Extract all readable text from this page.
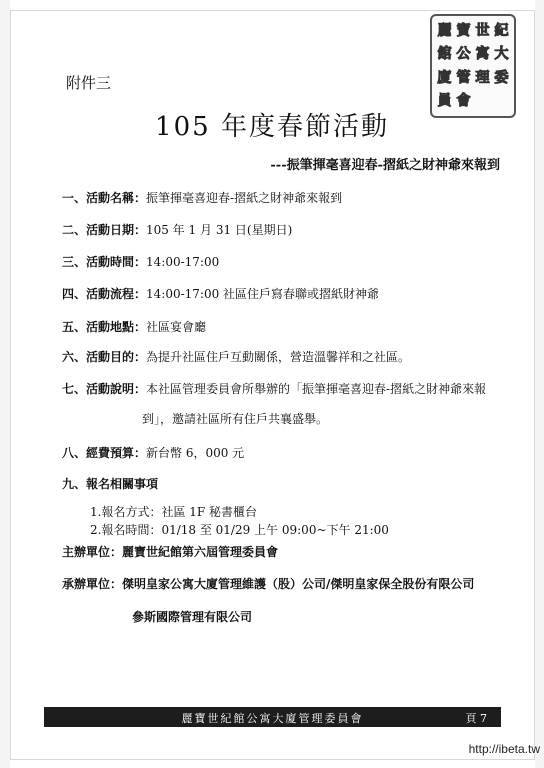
附件三
麗 寶 世 紀
館 公 寓 大
廈 管 理 委
員 會
105 年度春節活動
---振筆揮毫喜迎春-摺紙之財神爺來報到
一、活動名稱：振筆揮毫喜迎春-摺紙之財神爺來報到
二、活動日期：105 年 1 月 31 日(星期日)
三、活動時間：14:00-17:00
四、活動流程：14:00-17:00 社區住戶寫春聯或摺紙財神爺
五、活動地點：社區宴會廳
六、活動目的：為提升社區住戶互動關係，營造溫馨祥和之社區。
七、活動說明：本社區管理委員會所舉辦的「振筆揮毫喜迎春-摺紙之財神爺來報
到」，邀請社區所有住戶共襄盛舉。
八、經費預算：新台幣 6，000 元
九、報名相關事項
1.報名方式：社區 1F 秘書櫃台
2.報名時間：01/18 至 01/29 上午 09:00~下午 21:00
主辦單位：麗寶世紀館第六屆管理委員會
承辦單位：傑明皇家公寓大廈管理維護（股）公司/傑明皇家保全股份有限公司
參斯國際管理有限公司
麗寶世紀館公寓大廈管理委員會	頁 7
http://ibeta.tw
